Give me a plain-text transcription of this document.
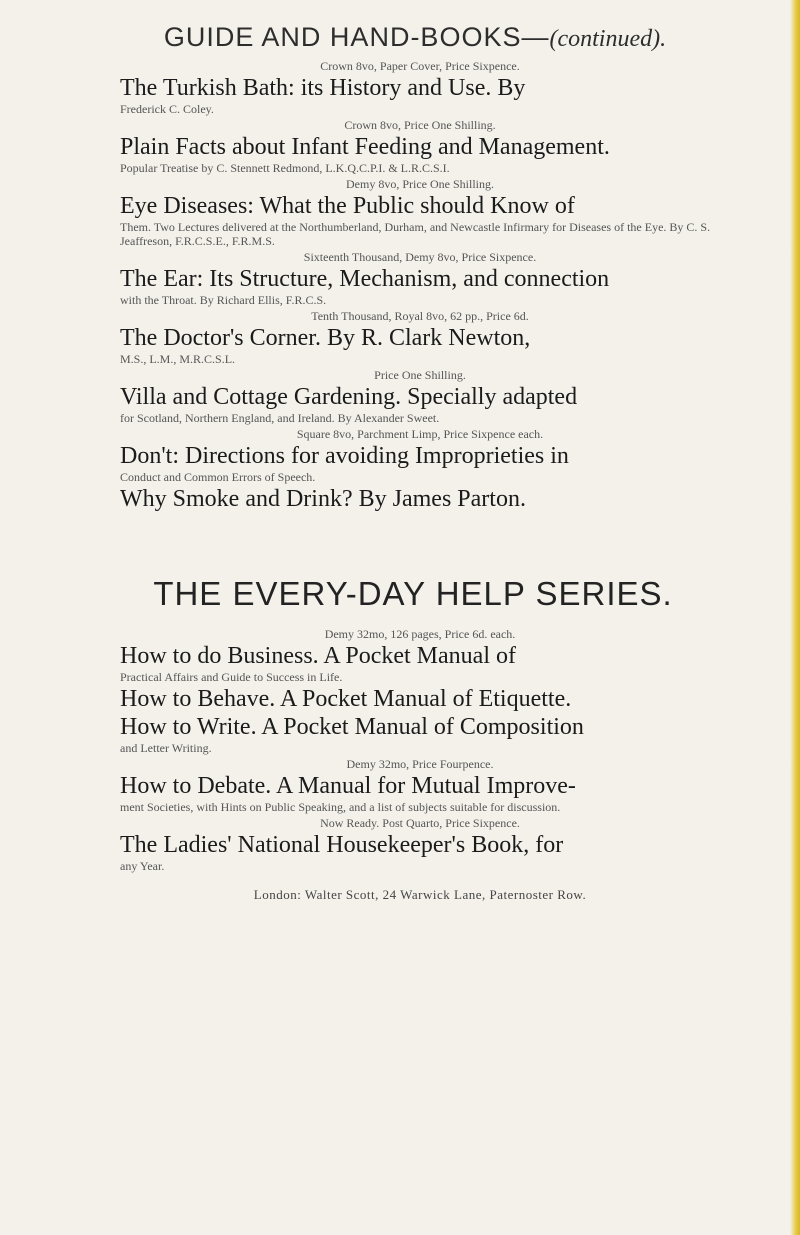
GUIDE AND HAND-BOOKS—(continued).

Crown 8vo, Paper Cover, Price Sixpence.

The Turkish Bath: its History and Use. By

Frederick C. Coley.

Crown 8vo, Price One Shilling.

Plain Facts about Infant Feeding and Management.

Popular Treatise by C. Stennett Redmond, L.K.Q.C.P.I. & L.R.C.S.I.

Demy 8vo, Price One Shilling.

Eye Diseases: What the Public should Know of

Them. Two Lectures delivered at the Northumberland, Durham, and Newcastle Infirmary for Diseases of the Eye. By C. S. Jeaffreson, F.R.C.S.E., F.R.M.S.

Sixteenth Thousand, Demy 8vo, Price Sixpence.

The Ear: Its Structure, Mechanism, and connection

with the Throat. By Richard Ellis, F.R.C.S.

Tenth Thousand, Royal 8vo, 62 pp., Price 6d.

The Doctor's Corner. By R. Clark Newton,

M.S., L.M., M.R.C.S.L.

Price One Shilling.

Villa and Cottage Gardening. Specially adapted

for Scotland, Northern England, and Ireland. By Alexander Sweet.

Square 8vo, Parchment Limp, Price Sixpence each.

Don't: Directions for avoiding Improprieties in

Conduct and Common Errors of Speech.

Why Smoke and Drink? By James Parton.

THE EVERY-DAY HELP SERIES.

Demy 32mo, 126 pages, Price 6d. each.

How to do Business. A Pocket Manual of

Practical Affairs and Guide to Success in Life.

How to Behave. A Pocket Manual of Etiquette.

How to Write. A Pocket Manual of Composition

and Letter Writing.

Demy 32mo, Price Fourpence.

How to Debate. A Manual for Mutual Improve-

ment Societies, with Hints on Public Speaking, and a list of subjects suitable for discussion.

Now Ready. Post Quarto, Price Sixpence.

The Ladies' National Housekeeper's Book, for

any Year.

London: Walter Scott, 24 Warwick Lane, Paternoster Row.
